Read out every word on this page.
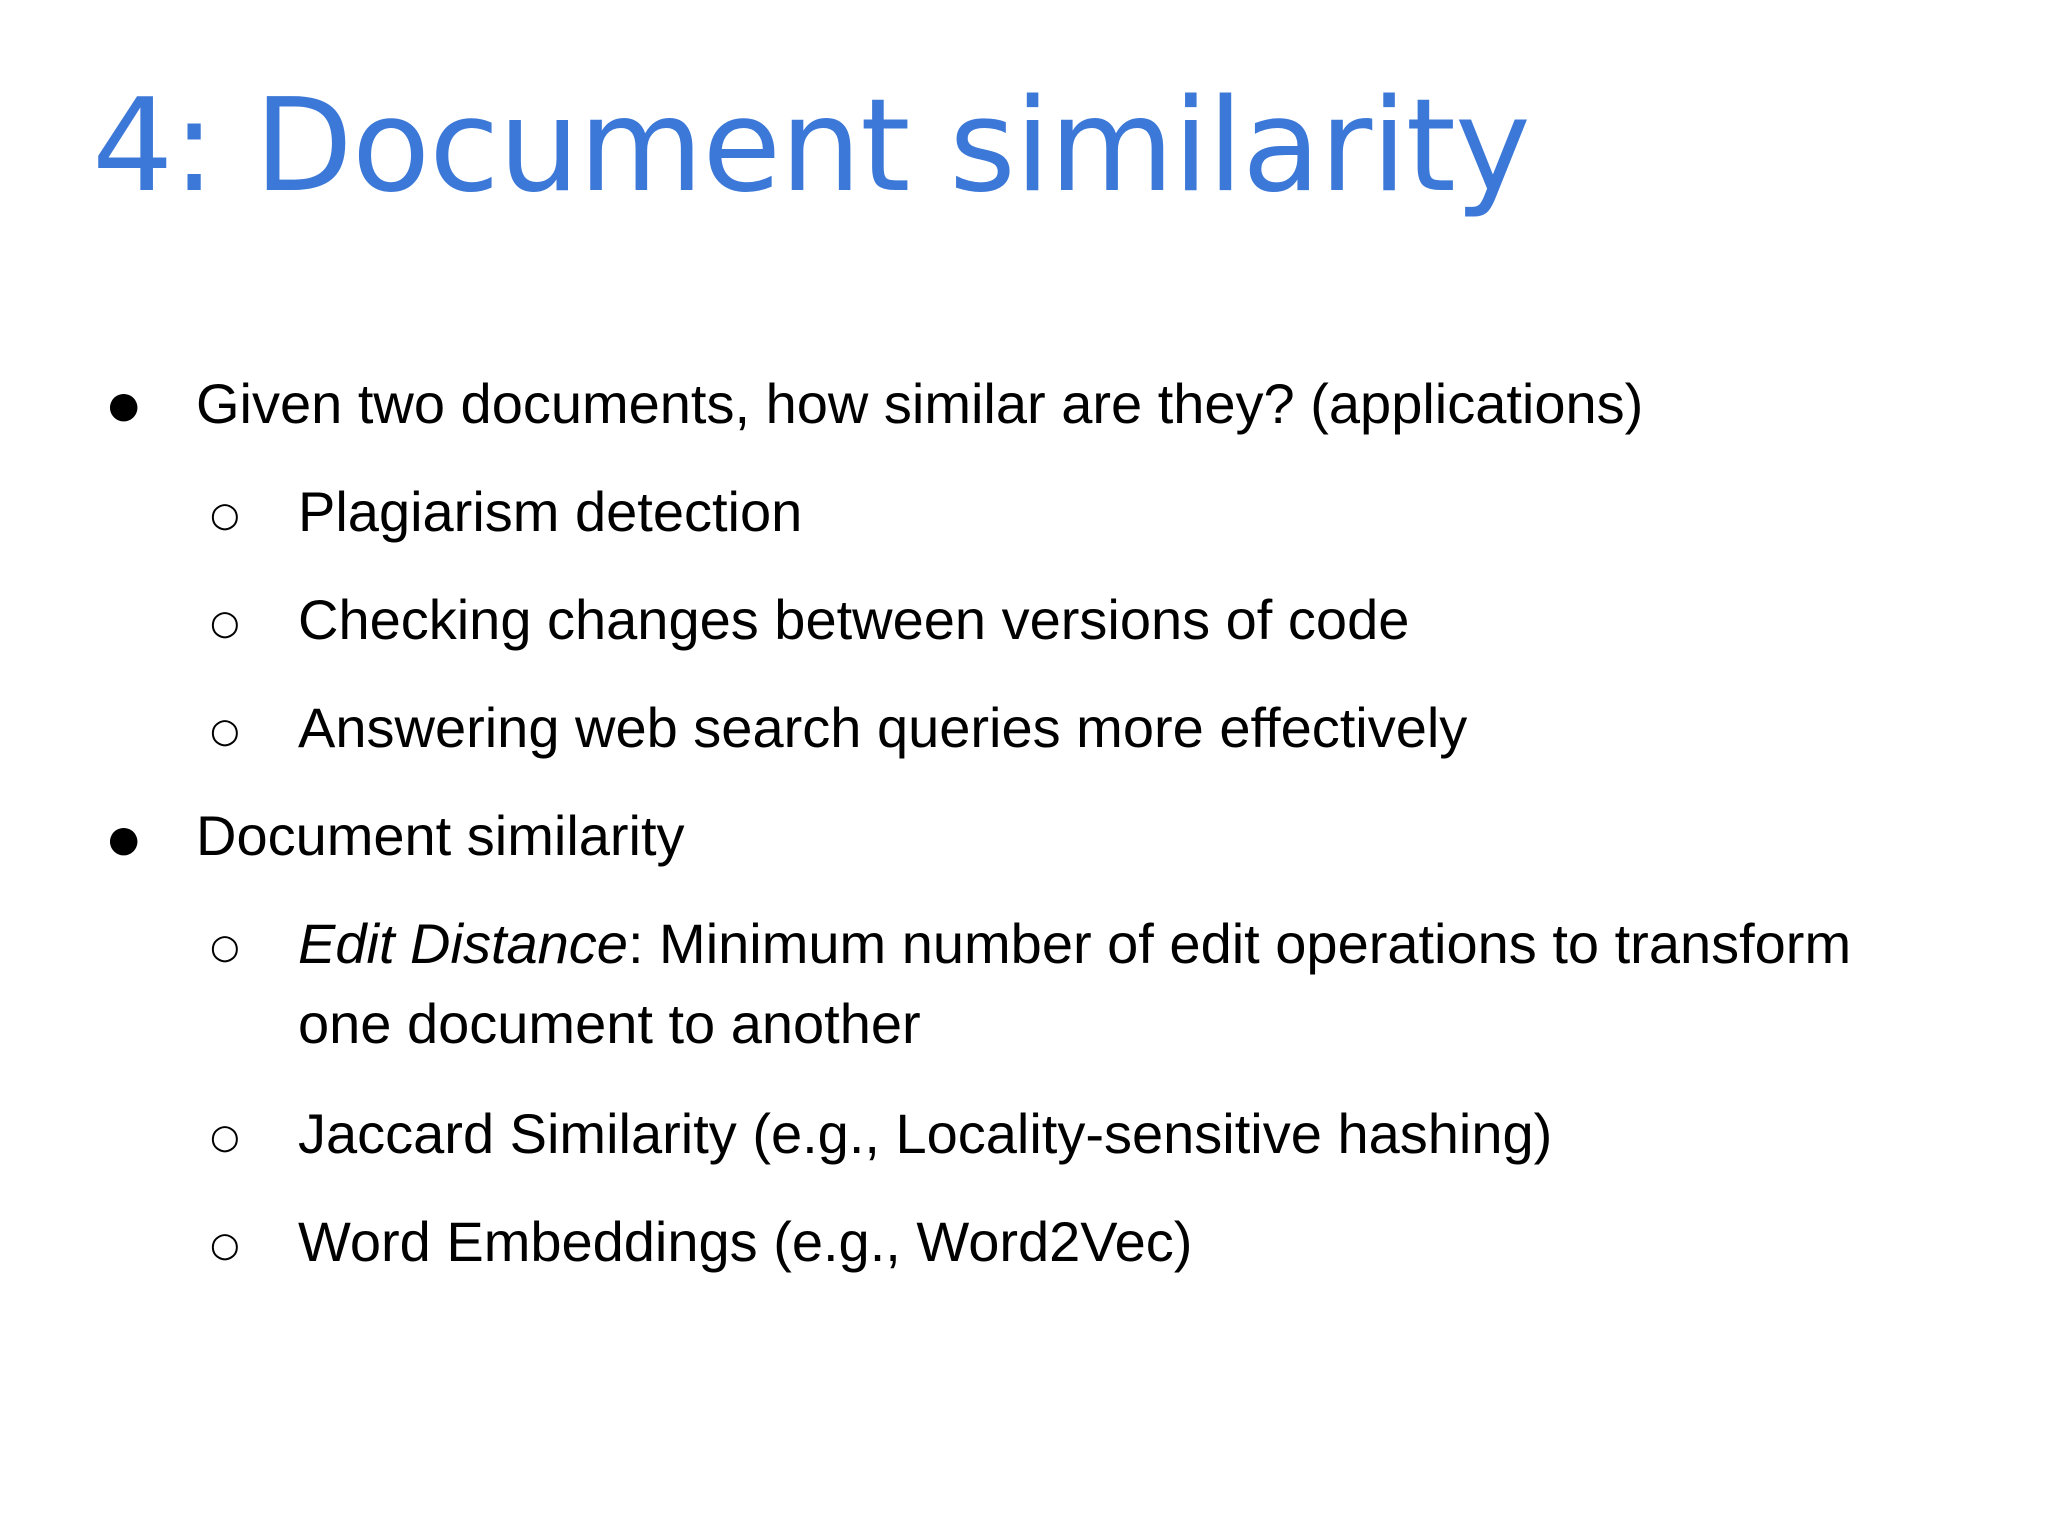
4: Document similarity
● Given two documents, how similar are they? (applications)
○ Plagiarism detection
○ Checking changes between versions of code
○ Answering web search queries more effectively
● Document similarity
○ Edit Distance: Minimum number of edit operations to transform one document to another
○ Jaccard Similarity (e.g., Locality-sensitive hashing)
○ Word Embeddings (e.g., Word2Vec)
